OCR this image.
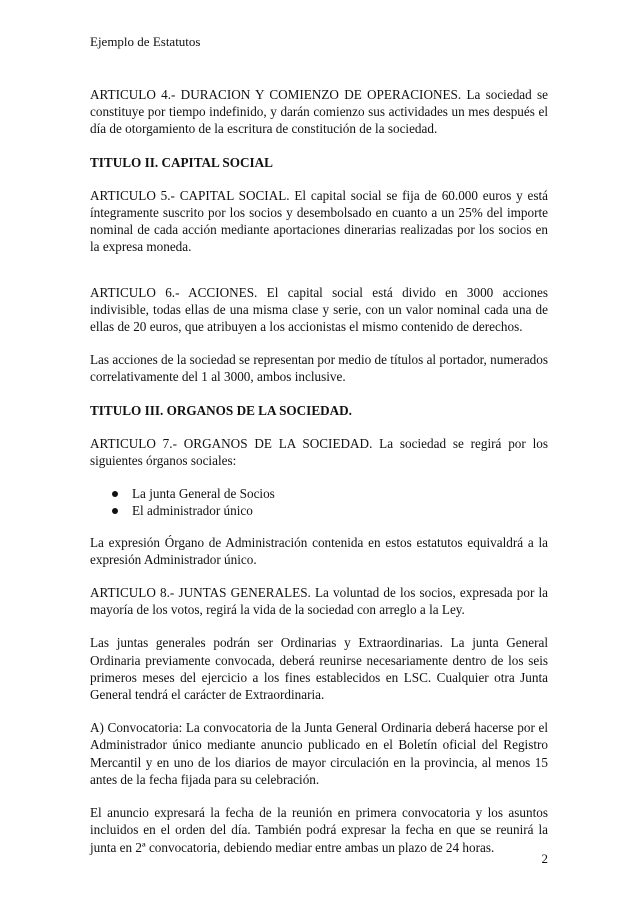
Ejemplo de Estatutos

ARTICULO 4.- DURACION Y COMIENZO DE OPERACIONES. La sociedad se constituye por tiempo indefinido, y darán comienzo sus actividades un mes después el día de otorgamiento de la escritura de constitución de la sociedad.

TITULO II. CAPITAL SOCIAL

ARTICULO 5.- CAPITAL SOCIAL. El capital social se fija de 60.000 euros y está íntegramente suscrito por los socios y desembolsado en cuanto a un 25% del importe nominal de cada acción mediante aportaciones dinerarias realizadas por los socios en la expresa moneda.

ARTICULO 6.- ACCIONES. El capital social está divido en 3000 acciones indivisible, todas ellas de una misma clase y serie, con un valor nominal cada una de ellas de 20 euros, que atribuyen a los accionistas el mismo contenido de derechos.

Las acciones de la sociedad se representan por medio de títulos al portador, numerados correlativamente del 1 al 3000, ambos inclusive.

TITULO III. ORGANOS DE LA SOCIEDAD.

ARTICULO 7.- ORGANOS DE LA SOCIEDAD. La sociedad se regirá por los siguientes órganos sociales:

La junta General de Socios
El administrador único

La expresión Órgano de Administración contenida en estos estatutos equivaldrá a la expresión Administrador único.

ARTICULO 8.- JUNTAS GENERALES. La voluntad de los socios, expresada por la mayoría de los votos, regirá la vida de la sociedad con arreglo a la Ley.

Las juntas generales podrán ser Ordinarias y Extraordinarias. La junta General Ordinaria previamente convocada, deberá reunirse necesariamente dentro de los seis primeros meses del ejercicio a los fines establecidos en LSC. Cualquier otra Junta General tendrá el carácter de Extraordinaria.

A) Convocatoria: La convocatoria de la Junta General Ordinaria deberá hacerse por el Administrador único mediante anuncio publicado en el Boletín oficial del Registro Mercantil y en uno de los diarios de mayor circulación en la provincia, al menos 15 antes de la fecha fijada para su celebración.

El anuncio expresará la fecha de la reunión en primera convocatoria y los asuntos incluidos en el orden del día. También podrá expresar la fecha en que se reunirá la junta en 2ª convocatoria, debiendo mediar entre ambas un plazo de 24 horas.

2
